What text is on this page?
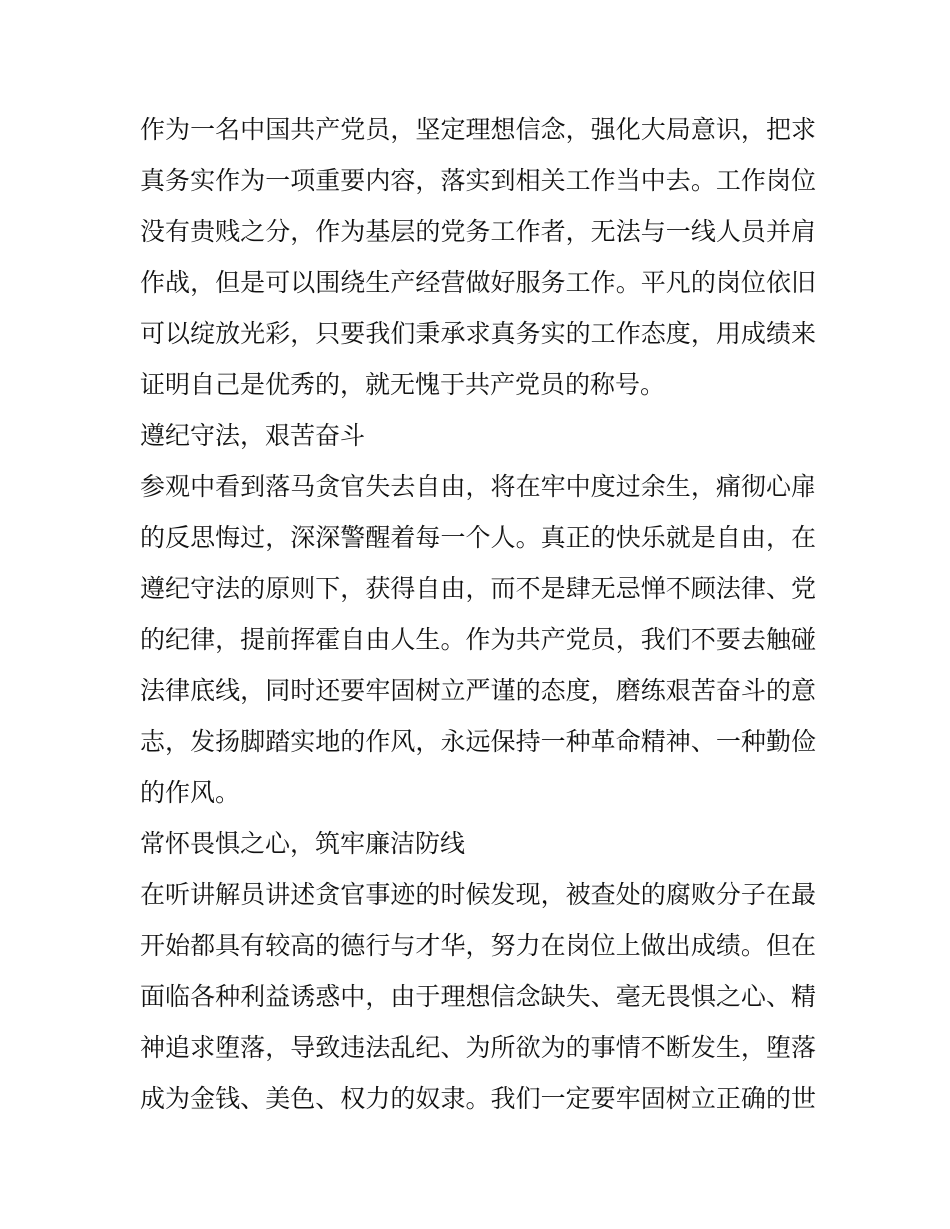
作为一名中国共产党员，坚定理想信念，强化大局意识，把求
真务实作为一项重要内容，落实到相关工作当中去。工作岗位
没有贵贱之分，作为基层的党务工作者，无法与一线人员并肩
作战，但是可以围绕生产经营做好服务工作。平凡的岗位依旧
可以绽放光彩，只要我们秉承求真务实的工作态度，用成绩来
证明自己是优秀的，就无愧于共产党员的称号。
遵纪守法，艰苦奋斗
参观中看到落马贪官失去自由，将在牢中度过余生，痛彻心扉
的反思悔过，深深警醒着每一个人。真正的快乐就是自由，在
遵纪守法的原则下，获得自由，而不是肆无忌惮不顾法律、党
的纪律，提前挥霍自由人生。作为共产党员，我们不要去触碰
法律底线，同时还要牢固树立严谨的态度，磨练艰苦奋斗的意
志，发扬脚踏实地的作风，永远保持一种革命精神、一种勤俭
的作风。
常怀畏惧之心，筑牢廉洁防线
在听讲解员讲述贪官事迹的时候发现，被查处的腐败分子在最
开始都具有较高的德行与才华，努力在岗位上做出成绩。但在
面临各种利益诱惑中，由于理想信念缺失、毫无畏惧之心、精
神追求堕落，导致违法乱纪、为所欲为的事情不断发生，堕落
成为金钱、美色、权力的奴隶。我们一定要牢固树立正确的世
